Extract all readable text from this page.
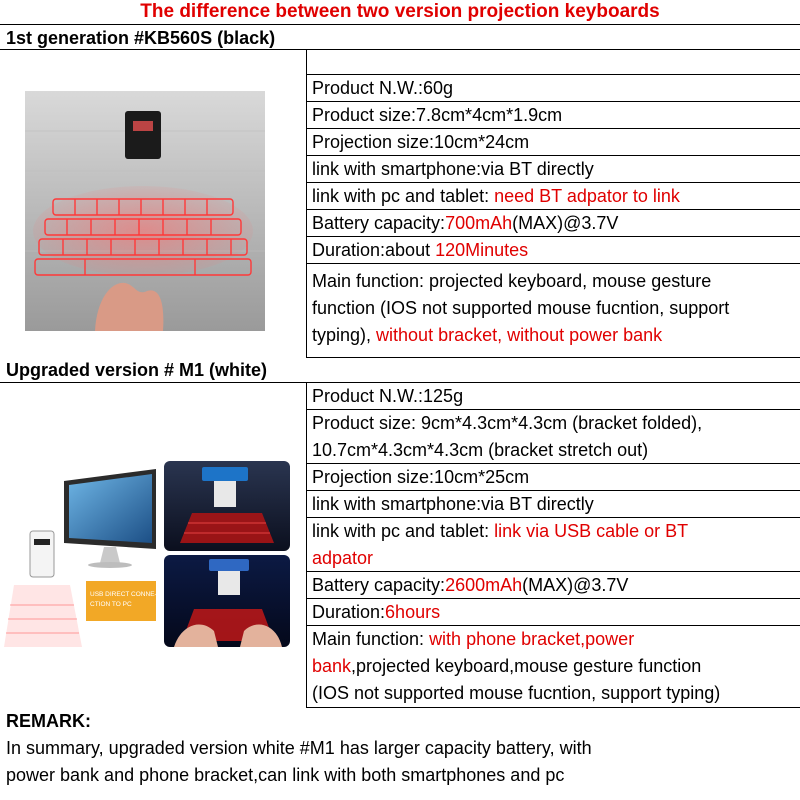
The difference between two version projection keyboards
1st generation #KB560S (black)
Product N.W.:60g
Product size:7.8cm*4cm*1.9cm
Projection size:10cm*24cm
link with smartphone:via BT directly
link with pc and tablet: need BT adpator to link
Battery capacity:700mAh(MAX)@3.7V
Duration:about 120Minutes
Main function: projected keyboard, mouse gesture
function (IOS not supported mouse fucntion, support
typing), without bracket, without power bank
Upgraded version # M1 (white)
USB DIRECT CONNE-
CTION TO PC
Product N.W.:125g
Product size: 9cm*4.3cm*4.3cm (bracket folded),
10.7cm*4.3cm*4.3cm (bracket stretch out)
Projection size:10cm*25cm
link with smartphone:via BT directly
link with pc and tablet: link via USB cable or BT
adpator
Battery capacity:2600mAh(MAX)@3.7V
Duration:6hours
Main function: with phone bracket,power
bank,projected keyboard,mouse gesture function
(IOS not supported mouse fucntion, support typing)
REMARK:
In summary, upgraded version white #M1 has larger capacity battery, with
power bank and phone bracket,can link with both smartphones and pc
